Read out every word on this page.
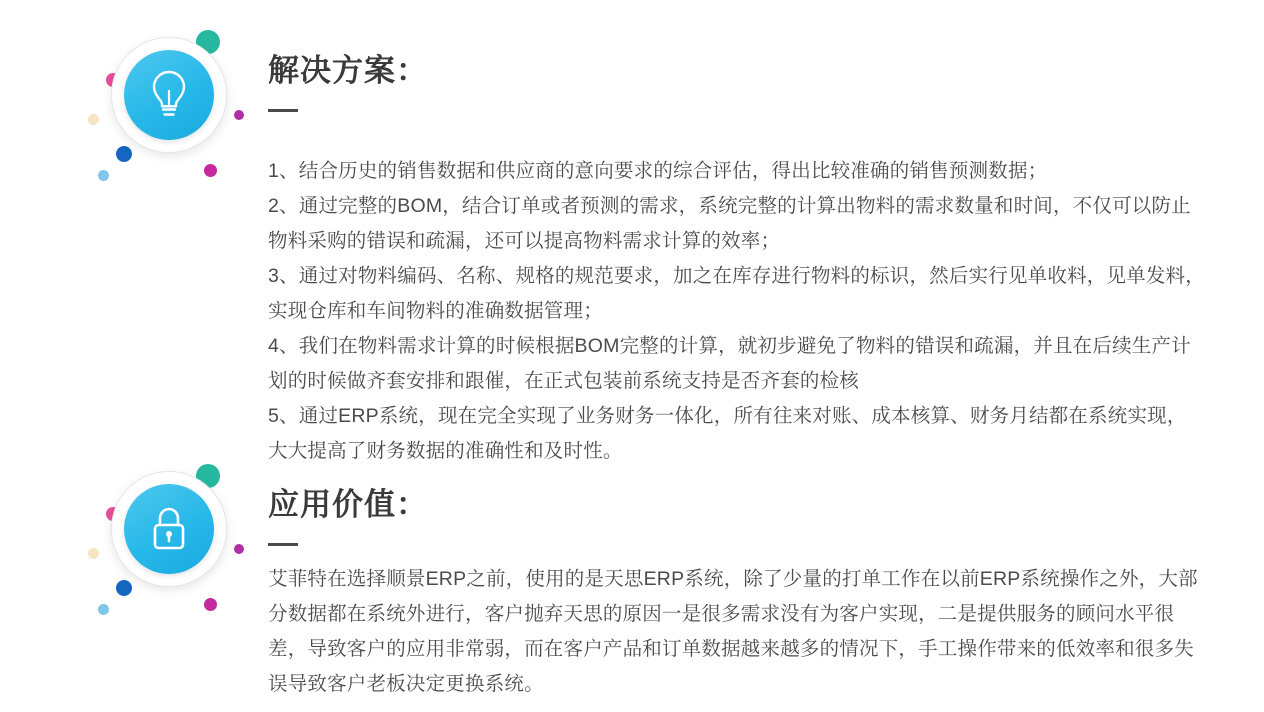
解决方案：

1、结合历史的销售数据和供应商的意向要求的综合评估，得出比较准确的销售预测数据；

2、通过完整的BOM，结合订单或者预测的需求，系统完整的计算出物料的需求数量和时间，不仅可以防止物料采购的错误和疏漏，还可以提高物料需求计算的效率；

3、通过对物料编码、名称、规格的规范要求，加之在库存进行物料的标识，然后实行见单收料，见单发料，实现仓库和车间物料的准确数据管理；

4、我们在物料需求计算的时候根据BOM完整的计算，就初步避免了物料的错误和疏漏，并且在后续生产计划的时候做齐套安排和跟催，在正式包装前系统支持是否齐套的检核

5、通过ERP系统，现在完全实现了业务财务一体化，所有往来对账、成本核算、财务月结都在系统实现，大大提高了财务数据的准确性和及时性。

应用价值：

艾菲特在选择顺景ERP之前，使用的是天思ERP系统，除了少量的打单工作在以前ERP系统操作之外，大部分数据都在系统外进行，客户抛弃天思的原因一是很多需求没有为客户实现，二是提供服务的顾问水平很差，导致客户的应用非常弱，而在客户产品和订单数据越来越多的情况下，手工操作带来的低效率和很多失误导致客户老板决定更换系统。
